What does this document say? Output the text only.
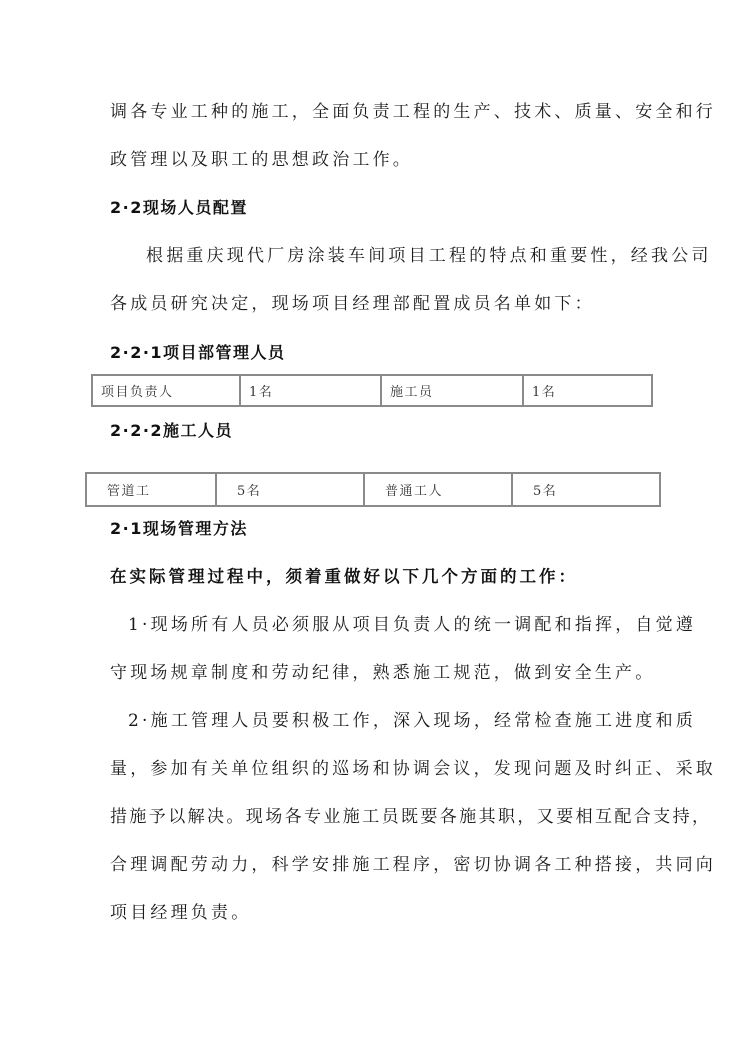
调各专业工种的施工，全面负责工程的生产、技术、质量、安全和行
政管理以及职工的思想政治工作。
2·2现场人员配置
根据重庆现代厂房涂装车间项目工程的特点和重要性，经我公司
各成员研究决定，现场项目经理部配置成员名单如下：
2·2·1项目部管理人员
项目负责人	1名	施工员	1名
2·2·2施工人员
管道工	5名	普通工人	5名
2·1现场管理方法
在实际管理过程中，须着重做好以下几个方面的工作：
1·现场所有人员必须服从项目负责人的统一调配和指挥，自觉遵
守现场规章制度和劳动纪律，熟悉施工规范，做到安全生产。
2·施工管理人员要积极工作，深入现场，经常检查施工进度和质
量，参加有关单位组织的巡场和协调会议，发现问题及时纠正、采取
措施予以解决。现场各专业施工员既要各施其职，又要相互配合支持，
合理调配劳动力，科学安排施工程序，密切协调各工种搭接，共同向
项目经理负责。
